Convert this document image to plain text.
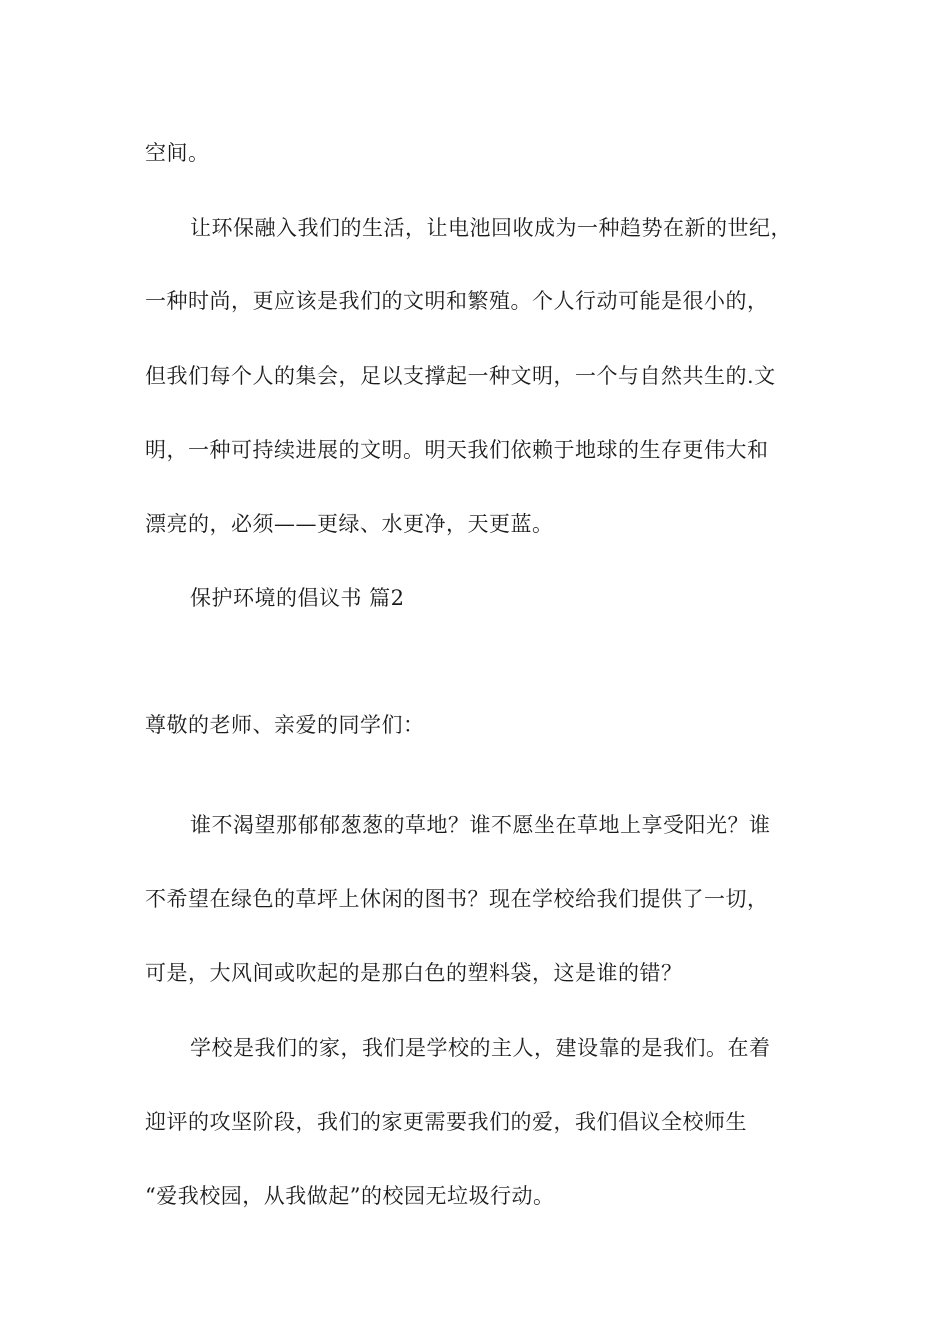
空间。
让环保融入我们的生活，让电池回收成为一种趋势在新的世纪，
一种时尚，更应该是我们的文明和繁殖。个人行动可能是很小的，
但我们每个人的集会，足以支撑起一种文明，一个与自然共生的.文
明，一种可持续进展的文明。明天我们依赖于地球的生存更伟大和
漂亮的，必须——更绿、水更净，天更蓝。
保护环境的倡议书 篇2
尊敬的老师、亲爱的同学们：
谁不渴望那郁郁葱葱的草地？谁不愿坐在草地上享受阳光？谁
不希望在绿色的草坪上休闲的图书？现在学校给我们提供了一切，
可是，大风间或吹起的是那白色的塑料袋，这是谁的错？
学校是我们的家，我们是学校的主人，建设靠的是我们。在着
迎评的攻坚阶段，我们的家更需要我们的爱，我们倡议全校师生
“爱我校园，从我做起”的校园无垃圾行动。
